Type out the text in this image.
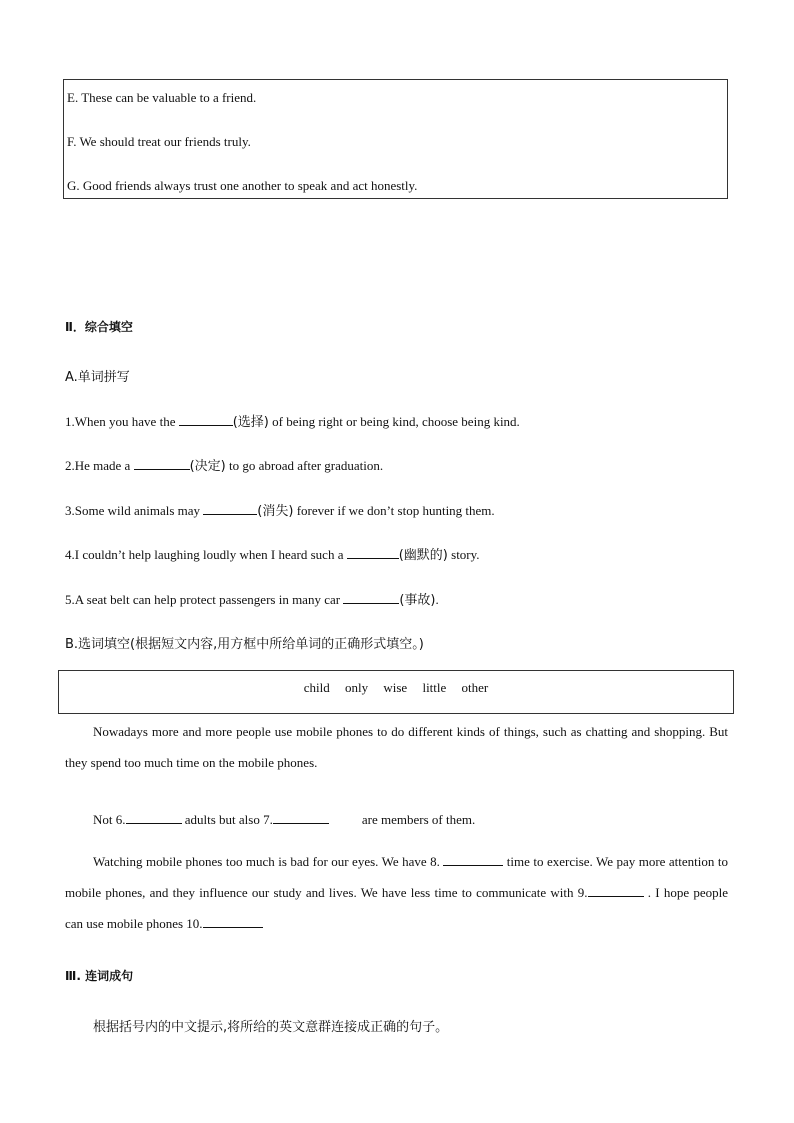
E. These can be valuable to a friend.
F. We should treat our friends truly.
G. Good friends always trust one another to speak and act honestly.
Ⅱ．综合填空
A.单词拼写
1.When you have the	(选择) of being right or being kind, choose being kind.
2.He made a	(决定) to go abroad after graduation.
3.Some wild animals may	(消失) forever if we don’t stop hunting them.
4.I couldn’t help laughing loudly when I heard such a	(幽默的) story.
5.A seat belt can help protect passengers in many car	(事故).
B.选词填空(根据短文内容,用方框中所给单词的正确形式填空。)
child only wise little other
Nowadays more and more people use mobile phones to do different kinds of things, such as chatting and shopping. But they spend too much time on the mobile phones.
Not 6.	adults but also 7.	are members of them.
Watching mobile phones too much is bad for our eyes. We have 8.	time to exercise. We pay more attention to mobile phones, and they influence our study and lives. We have less time to communicate with 9.	. I hope people can use mobile phones 10.
Ⅲ. 连词成句
根据括号内的中文提示,将所给的英文意群连接成正确的句子。
